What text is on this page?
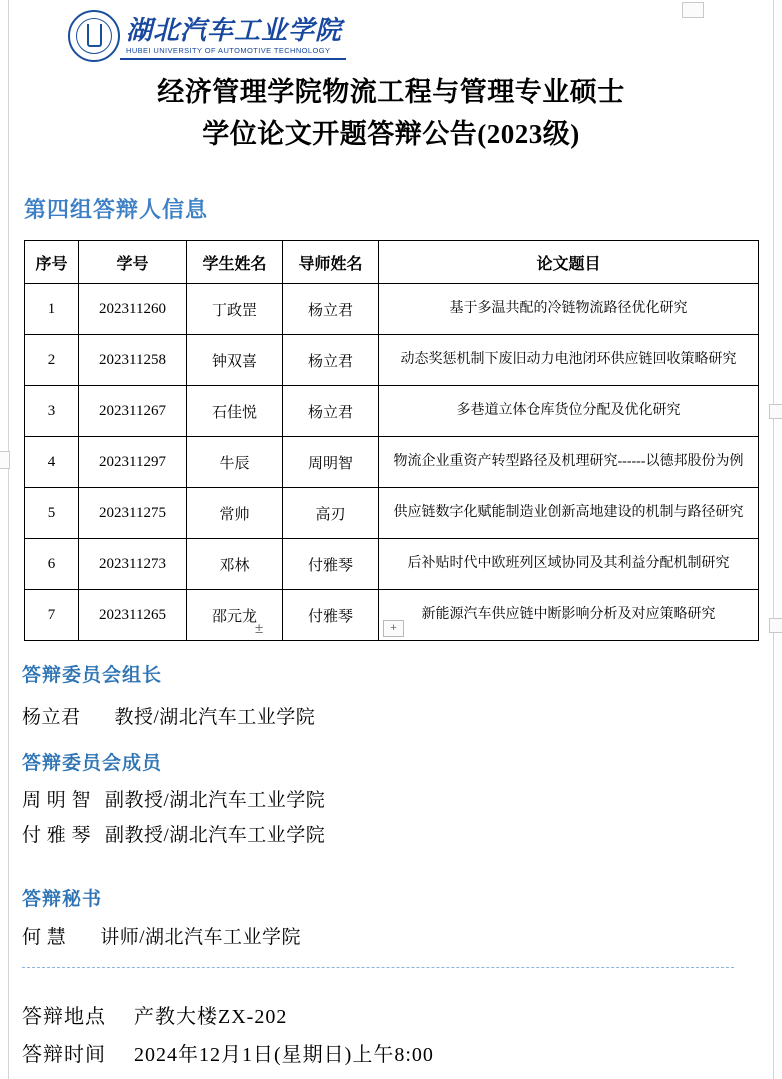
湖北汽车工业学院
HUBEI UNIVERSITY OF AUTOMOTIVE TECHNOLOGY
经济管理学院物流工程与管理专业硕士
学位论文开题答辩公告(2023级)
第四组答辩人信息
序号	学号	学生姓名	导师姓名	论文题目
1	202311260	丁政罡	杨立君	基于多温共配的冷链物流路径优化研究
2	202311258	钟双喜	杨立君	动态奖惩机制下废旧动力电池闭环供应链回收策略研究
3	202311267	石佳悦	杨立君	多巷道立体仓库货位分配及优化研究
4	202311297	牛辰	周明智	物流企业重资产转型路径及机理研究------以德邦股份为例
5	202311275	常帅	高刃	供应链数字化赋能制造业创新高地建设的机制与路径研究
6	202311273	邓林	付雅琴	后补贴时代中欧班列区域协同及其利益分配机制研究
7	202311265	邵元龙	付雅琴	新能源汽车供应链中断影响分析及对应策略研究
±	+
答辩委员会组长
杨立君 教授/湖北汽车工业学院
答辩委员会成员
周 明 智 副教授/湖北汽车工业学院
付 雅 琴 副教授/湖北汽车工业学院
答辩秘书
何 慧 讲师/湖北汽车工业学院
答辩地点 产教大楼ZX-202
答辩时间 2024年12月1日(星期日)上午8:00
